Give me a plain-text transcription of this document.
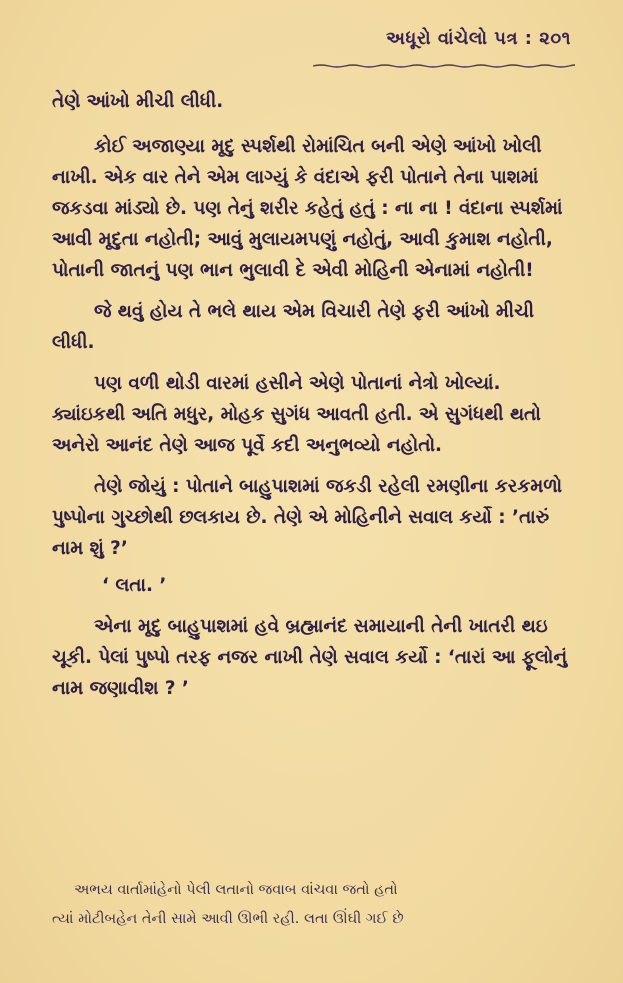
અધૂરો વાંચેલો પત્ર : ૨૦૧

તેણે આંખો મીચી લીધી.

કોઈ અજાણ્યા મૃદુ સ્પર્શથી રોમાંચિત બની એણે આંખો ખોલી નાખી. એક વાર તેને એમ લાગ્યું કે વંદાએ ફરી પોતાને તેના પાશમાં જકડવા માંડ્યો છે. પણ તેનું શરીર કહેતું હતું : ના ના ! વંદાના સ્પર્શમાં આવી મૃદુતા નહોતી; આવું મુલાયમપણું નહોતું, આવી કુમાશ નહોતી, પોતાની જાતનું પણ ભાન ભુલાવી દે એવી મોહિની એનામાં નહોતી!

જે થવું હોય તે ભલે થાય એમ વિચારી તેણે ફરી આંખો મીચી લીધી.

પણ વળી થોડી વારમાં હસીને એણે પોતાનાં નેત્રો ખોલ્યાં. ક્યાંઇકથી અતિ મધુર, મોહક સુગંધ આવતી હતી. એ સુગંધથી થતો અનેરો આનંદ તેણે આજ પૂર્વે કદી અનુભવ્યો નહોતો.

તેણે જોયું : પોતાને બાહુપાશમાં જકડી રહેલી રમણીના કરકમળો પુષ્પોના ગુચ્છોથી છલકાય છે. તેણે એ મોહિનીને સવાલ કર્યો : ’તારું નામ શું ?’

‘ લતા. ’

એના મૃદુ બાહુપાશમાં હવે બ્રહ્માનંદ સમાયાની તેની ખાતરી થઇ ચૂકી. પેલાં પુષ્પો તરફ નજર નાખી તેણે સવાલ કર્યો : ‘તારાં આ ફૂલોનું નામ જણાવીશ ? ’

અભય વાર્તામાંહેનો પેલી લતાનો જવાબ વાંચવા જતો હતો

ત્યાં મોટીબહેન તેની સામે આવી ઊભી રહી. લતા ઊંઘી ગઈ છે
